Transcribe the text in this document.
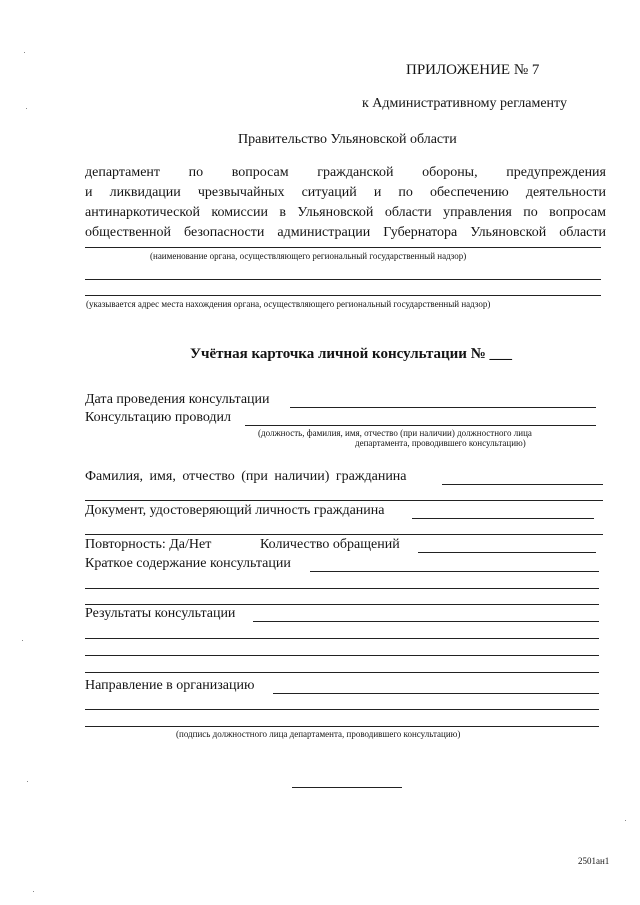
ПРИЛОЖЕНИЕ № 7
к Административному регламенту
Правительство Ульяновской области
департамент по вопросам гражданской обороны, предупреждения
и ликвидации чрезвычайных ситуаций и по обеспечению деятельности
антинаркотической комиссии в Ульяновской области управления по вопросам
общественной безопасности администрации Губернатора Ульяновской области
(наименование органа, осуществляющего региональный государственный надзор)
(указывается адрес места нахождения органа, осуществляющего региональный государственный надзор)
Учётная карточка личной консультации № ___
Дата проведения консультации
Консультацию проводил
(должность, фамилия, имя, отчество (при наличии) должностного лица
департамента, проводившего консультацию)
Фамилия, имя, отчество (при наличии) гражданина
Документ, удостоверяющий личность гражданина
Повторность: Да/Нет	Количество обращений
Краткое содержание консультации
Результаты консультации
Направление в организацию
(подпись должностного лица департамента, проводившего консультацию)
2501ан1
